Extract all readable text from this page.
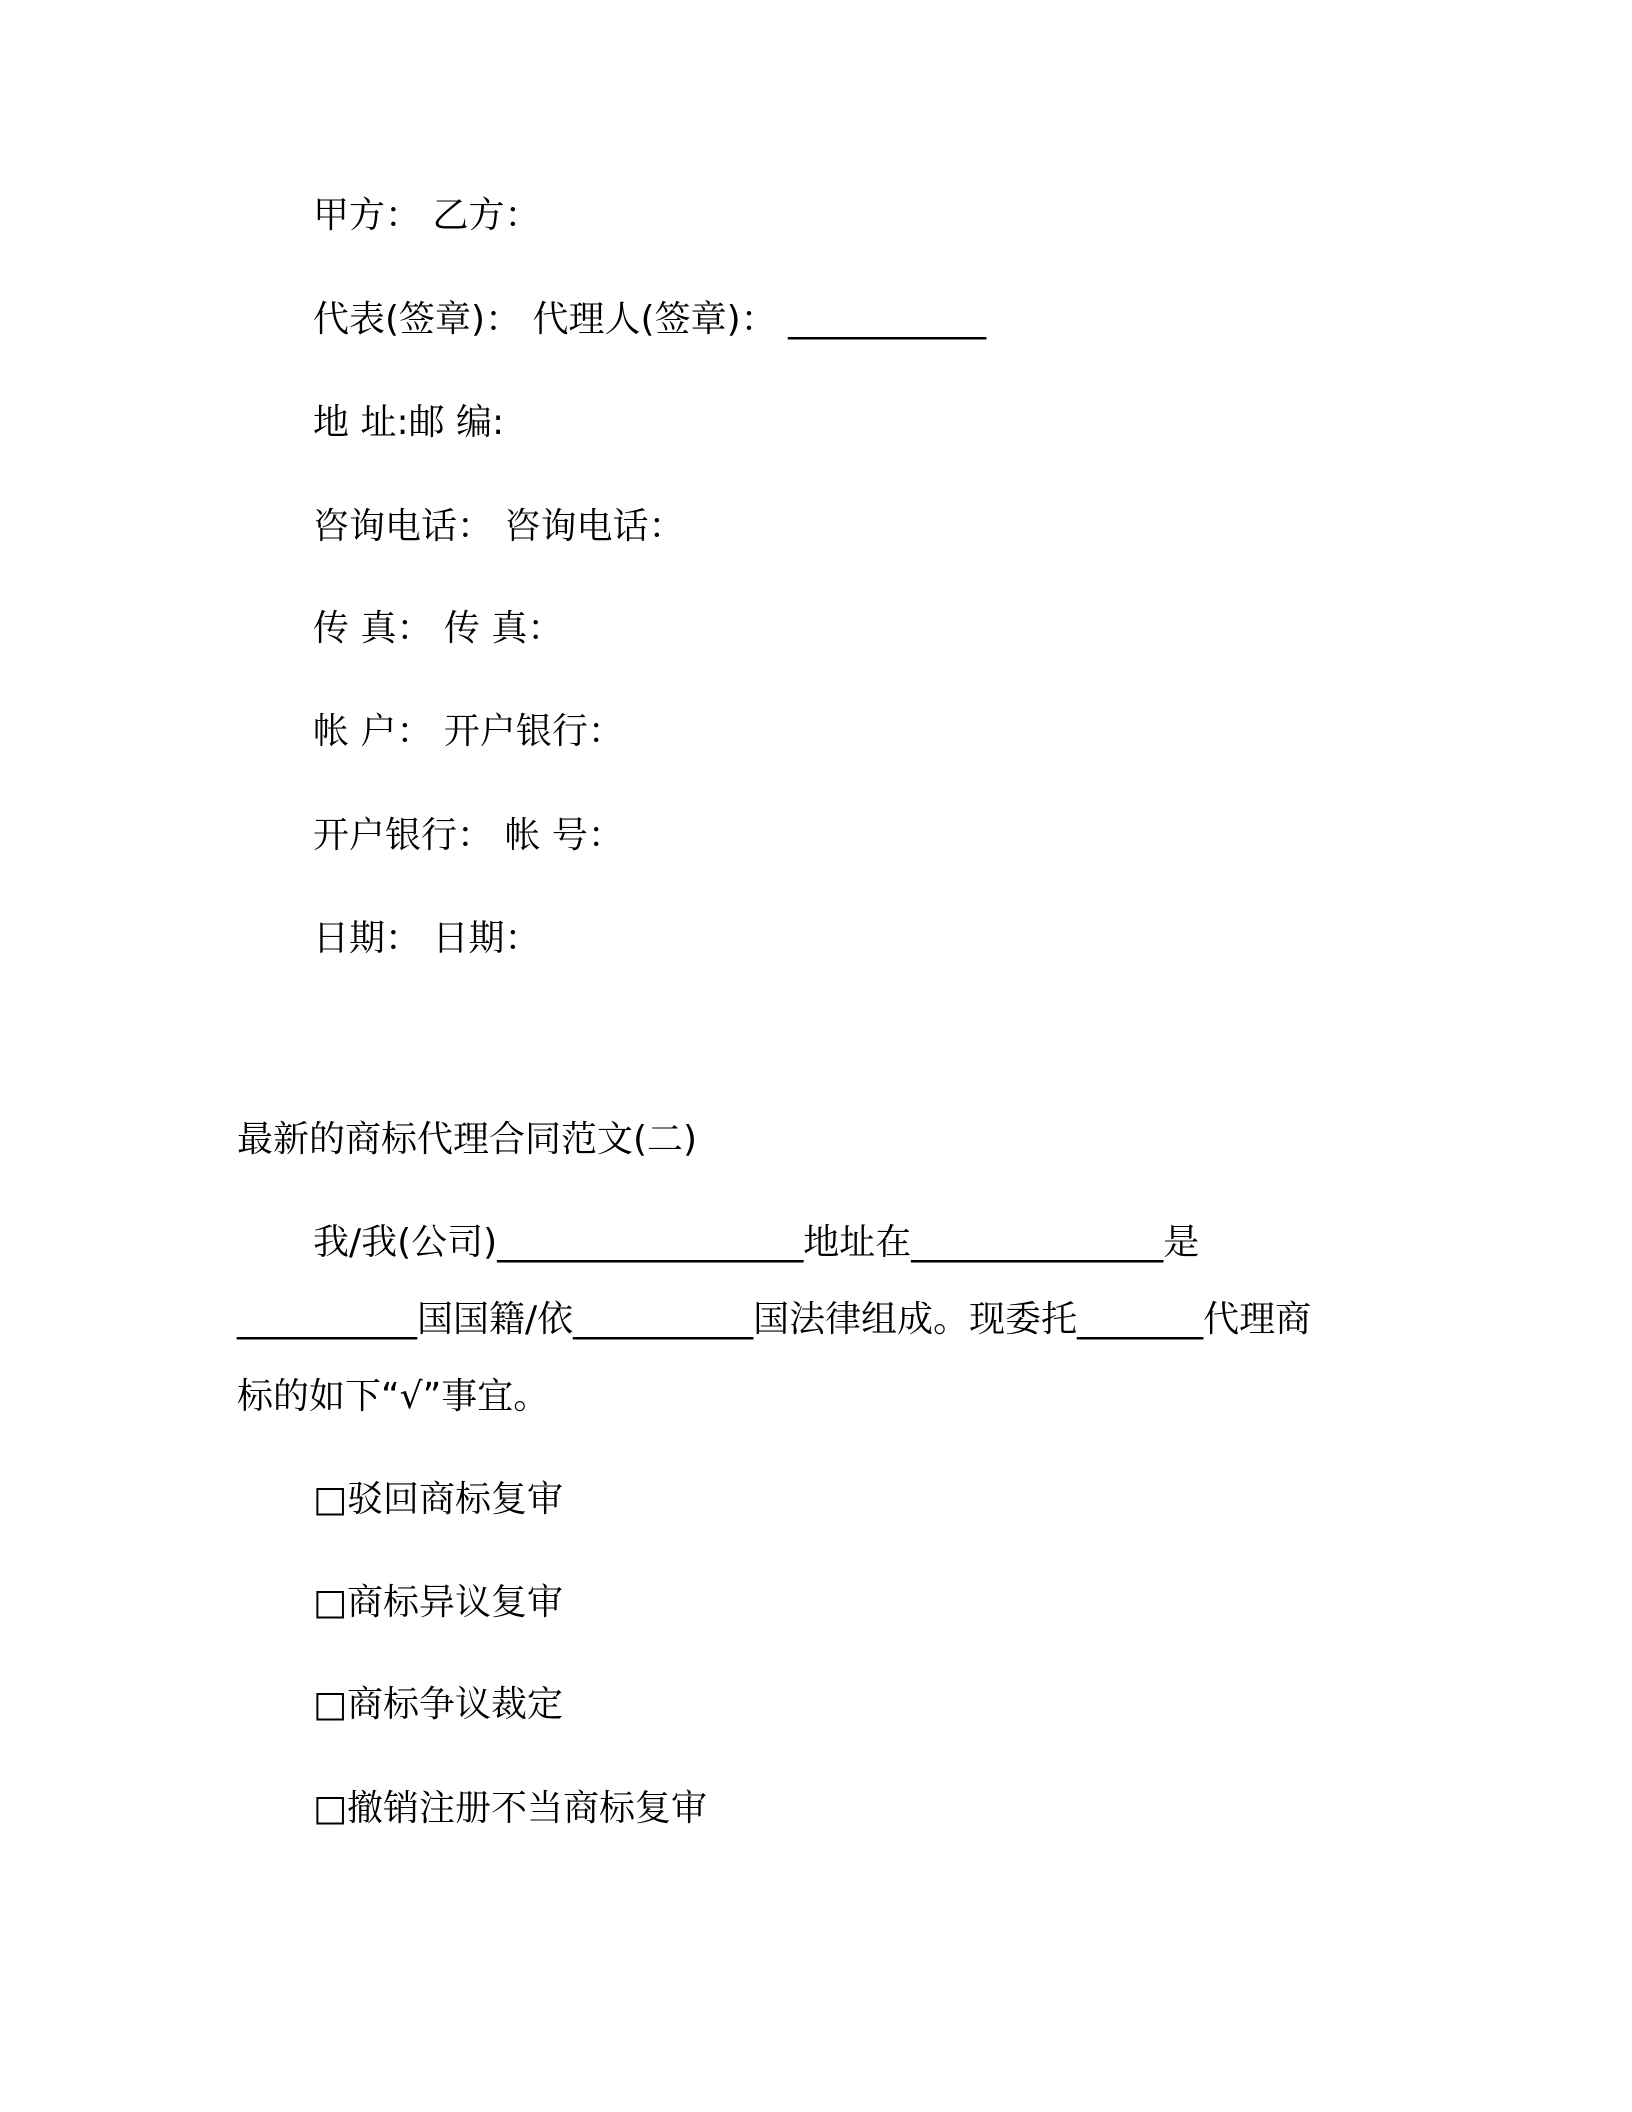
甲方： 乙方：
代表(签章)： 代理人(签章)： ___________
地 址:邮 编:
咨询电话： 咨询电话：
传 真： 传 真：
帐 户： 开户银行：
开户银行： 帐 号：
日期： 日期：
最新的商标代理合同范文(二)
我/我(公司)_________________地址在______________是
__________国国籍/依__________国法律组成。现委托_______代理商
标的如下“√”事宜。
□驳回商标复审
□商标异议复审
□商标争议裁定
□撤销注册不当商标复审
